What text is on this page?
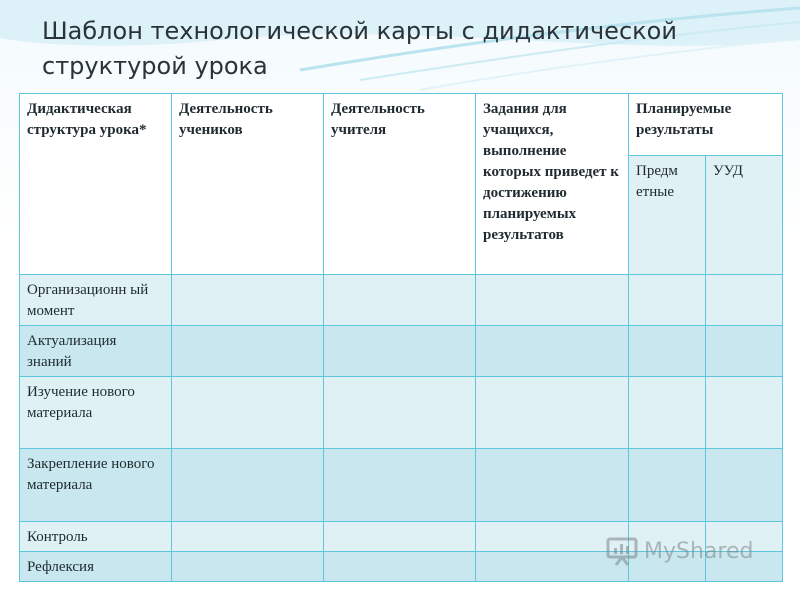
Шаблон технологической карты с дидактической структурой урока
Дидактическая структура урока*	Деятельность учеников	Деятельность учителя	Задания для учащихся, выполнение которых приведет к достижению планируемых результатов	Планируемые результаты	
				Предм етные	УУД
Организационн ый момент					
Актуализация знаний					
Изучение нового материала					
Закрепление нового материала					
Контроль					
Рефлексия					
MyShared
